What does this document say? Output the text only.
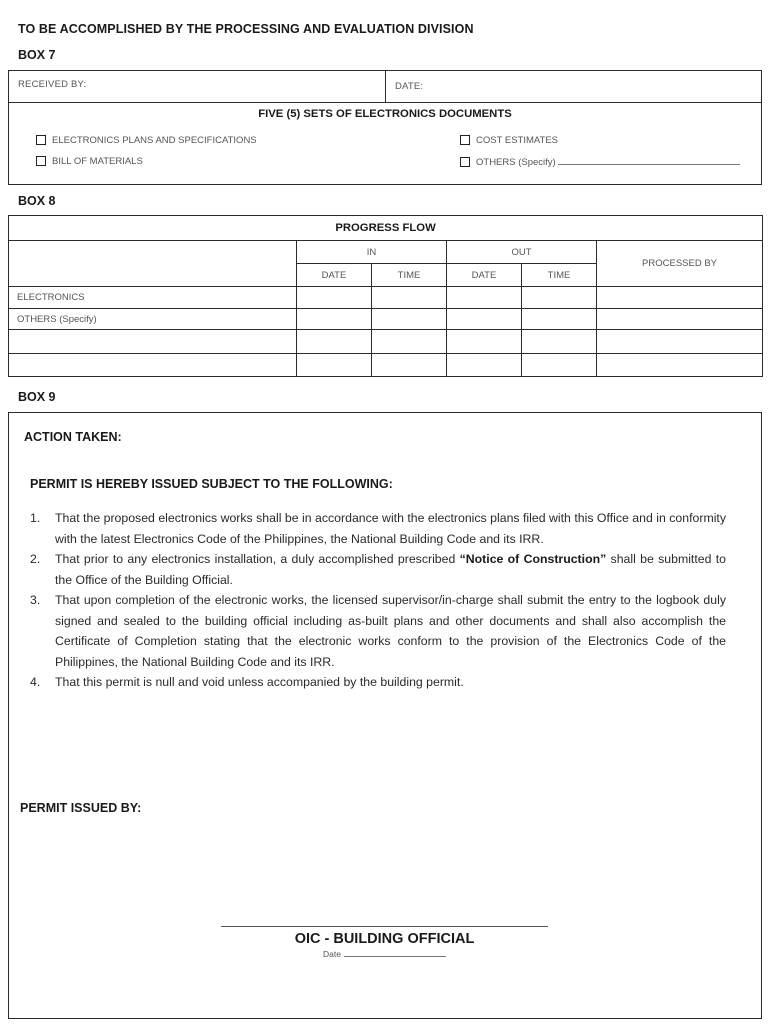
TO BE ACCOMPLISHED BY THE PROCESSING AND EVALUATION DIVISION
BOX 7
RECEIVED BY:	DATE:
FIVE (5) SETS OF ELECTRONICS DOCUMENTS
ELECTRONICS PLANS AND SPECIFICATIONS
BILL OF MATERIALS
COST ESTIMATES
OTHERS (Specify)
BOX 8
PROGRESS FLOW					
	IN		OUT		PROCESSED BY
	DATE	TIME	DATE	TIME	
ELECTRONICS					
OTHERS (Specify)					

BOX 9
ACTION TAKEN:
PERMIT IS HEREBY ISSUED SUBJECT TO THE FOLLOWING:
1. That the proposed electronics works shall be in accordance with the electronics plans filed with this Office and in conformity with the latest Electronics Code of the Philippines, the National Building Code and its IRR.
2. That prior to any electronics installation, a duly accomplished prescribed “Notice of Construction” shall be submitted to the Office of the Building Official.
3. That upon completion of the electronic works, the licensed supervisor/in-charge shall submit the entry to the logbook duly signed and sealed to the building official including as-built plans and other documents and shall also accomplish the Certificate of Completion stating that the electronic works conform to the provision of the Electronics Code of the Philippines, the National Building Code and its IRR.
4. That this permit is null and void unless accompanied by the building permit.
PERMIT ISSUED BY:
OIC - BUILDING OFFICIAL
Date
